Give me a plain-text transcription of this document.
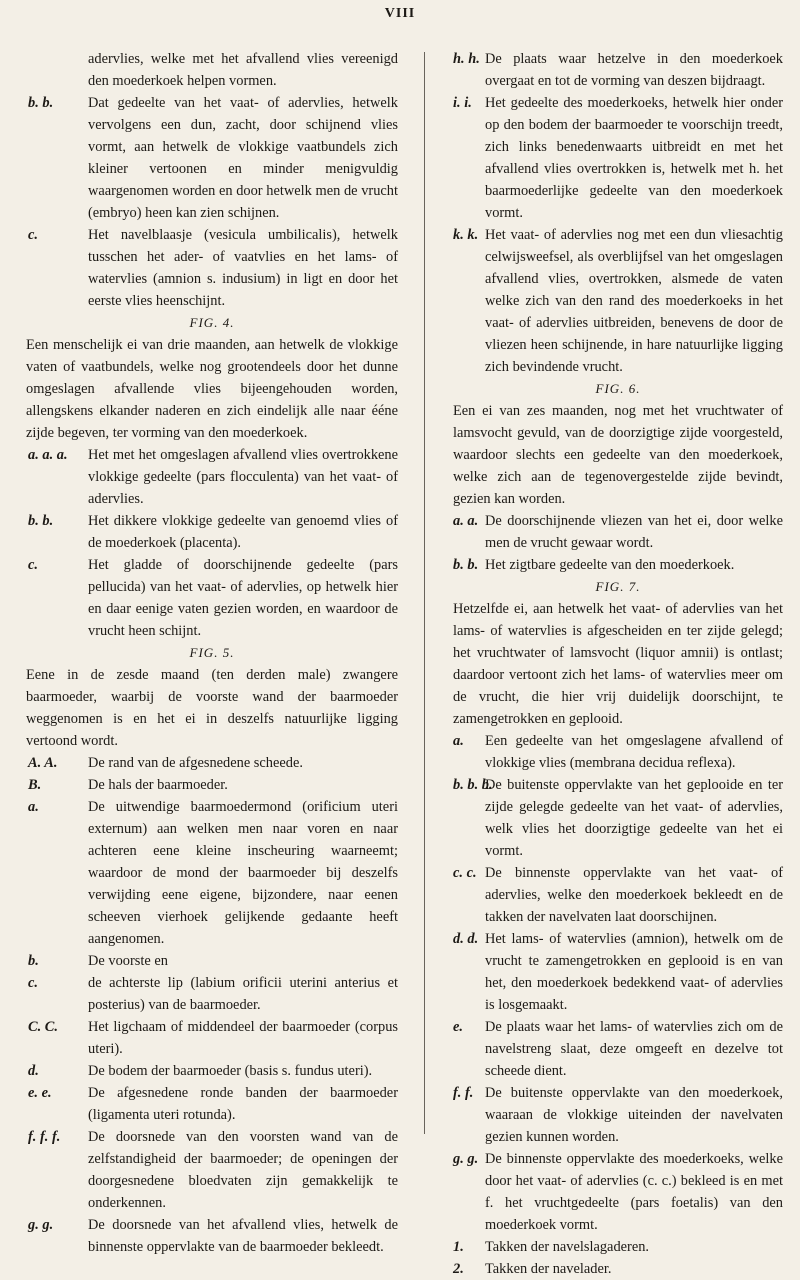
VIII
adervlies, welke met het afvallend vlies vereenigd den moederkoek helpen vormen.
b. b. Dat gedeelte van het vaat- of adervlies, hetwelk vervolgens een dun, zacht, door schijnend vlies vormt, aan hetwelk de vlokkige vaatbundels zich kleiner vertoonen en minder menigvuldig waargenomen worden en door hetwelk men de vrucht (embryo) heen kan zien schijnen.
c.	Het navelblaasje (vesicula umbilicalis), hetwelk tusschen het ader- of vaatvlies en het lams- of watervlies (amnion s. indusium) in ligt en door het eerste vlies heenschijnt.
FIG. 4.
Een menschelijk ei van drie maanden, aan hetwelk de vlokkige vaten of vaatbundels, welke nog grootendeels door het dunne omgeslagen afvallende vlies bijeengehouden worden, allengskens elkander naderen en zich eindelijk alle naar ééne zijde begeven, ter vorming van den moederkoek.
a. a. a. Het met het omgeslagen afvallend vlies overtrokkene vlokkige gedeelte (pars flocculenta) van het vaat- of adervlies.
b. b. Het dikkere vlokkige gedeelte van genoemd vlies of de moederkoek (placenta).
c.	Het gladde of doorschijnende gedeelte (pars pellucida) van het vaat- of adervlies, op hetwelk hier en daar eenige vaten gezien worden, en waardoor de vrucht heen schijnt.
FIG. 5.
Eene in de zesde maand (ten derden male) zwangere baarmoeder, waarbij de voorste wand der baarmoeder weggenomen is en het ei in deszelfs natuurlijke ligging vertoond wordt.
A. A. De rand van de afgesnedene scheede.
B.	De hals der baarmoeder.
a.	De uitwendige baarmoedermond (orificium uteri externum) aan welken men naar voren en naar achteren eene kleine inscheuring waarneemt; waardoor de mond der baarmoeder bij deszelfs verwijding eene eigene, bijzondere, naar eenen scheeven vierhoek gelijkende gedaante heeft aangenomen.
b.	De voorste en
c.	de achterste lip (labium orificii uterini anterius et posterius) van de baarmoeder.
C. C. Het ligchaam of middendeel der baarmoeder (corpus uteri).
d.	De bodem der baarmoeder (basis s. fundus uteri).
e. e.	De afgesnedene ronde banden der baarmoeder (ligamenta uteri rotunda).
f. f. f. De doorsnede van den voorsten wand van de zelfstandigheid der baarmoeder; de openingen der doorgesnedene bloedvaten zijn gemakkelijk te onderkennen.
g. g. De doorsnede van het afvallend vlies, hetwelk de binnenste oppervlakte van de baarmoeder bekleedt.
h. h. De plaats waar hetzelve in den moederkoek overgaat en tot de vorming van deszen bijdraagt.
i. i. Het gedeelte des moederkoeks, hetwelk hier onder op den bodem der baarmoeder te voorschijn treedt, zich links benedenwaarts uitbreidt en met het afvallend vlies overtrokken is, hetwelk met h. het baarmoederlijke gedeelte van den moederkoek vormt.
k. k. Het vaat- of adervlies nog met een dun vliesachtig celwijsweefsel, als overblijfsel van het omgeslagen afvallend vlies, overtrokken, alsmede de vaten welke zich van den rand des moederkoeks in het vaat- of adervlies uitbreiden, benevens de door de vliezen heen schijnende, in hare natuurlijke ligging zich bevindende vrucht.
FIG. 6.
Een ei van zes maanden, nog met het vruchtwater of lamsvocht gevuld, van de doorzigtige zijde voorgesteld, waardoor slechts een gedeelte van den moederkoek, welke zich aan de tegenovergestelde zijde bevindt, gezien kan worden.
a. a. De doorschijnende vliezen van het ei, door welke men de vrucht gewaar wordt.
b. b. Het zigtbare gedeelte van den moederkoek.
FIG. 7.
Hetzelfde ei, aan hetwelk het vaat- of adervlies van het lams- of watervlies is afgescheiden en ter zijde gelegd; het vruchtwater of lamsvocht (liquor amnii) is ontlast; daardoor vertoont zich het lams- of watervlies meer om de vrucht, die hier vrij duidelijk doorschijnt, te zamengetrokken en geplooid.
a. Een gedeelte van het omgeslagene afvallend of vlokkige vlies (membrana decidua reflexa).
b. b. b.
De buitenste oppervlakte van het geplooide en ter zijde gelegde gedeelte van het vaat- of adervlies, welk vlies het doorzigtige gedeelte van het ei vormt.
c. c. De binnenste oppervlakte van het vaat- of adervlies, welke den moederkoek bekleedt en de takken der navelvaten laat doorschijnen.
d. d. Het lams- of watervlies (amnion), hetwelk om de vrucht te zamengetrokken en geplooid is en van het, den moederkoek bedekkend vaat- of adervlies is losgemaakt.
e. De plaats waar het lams- of watervlies zich om de navelstreng slaat, deze omgeeft en dezelve tot scheede dient.
f. f. De buitenste oppervlakte van den moederkoek, waaraan de vlokkige uiteinden der navelvaten gezien kunnen worden.
g. g. De binnenste oppervlakte des moederkoeks, welke door het vaat- of adervlies (c. c.) bekleed is en met f. het vruchtgedeelte (pars foetalis) van den moederkoek vormt.
1. Takken der navelslagaderen.
2. Takken der navelader.
